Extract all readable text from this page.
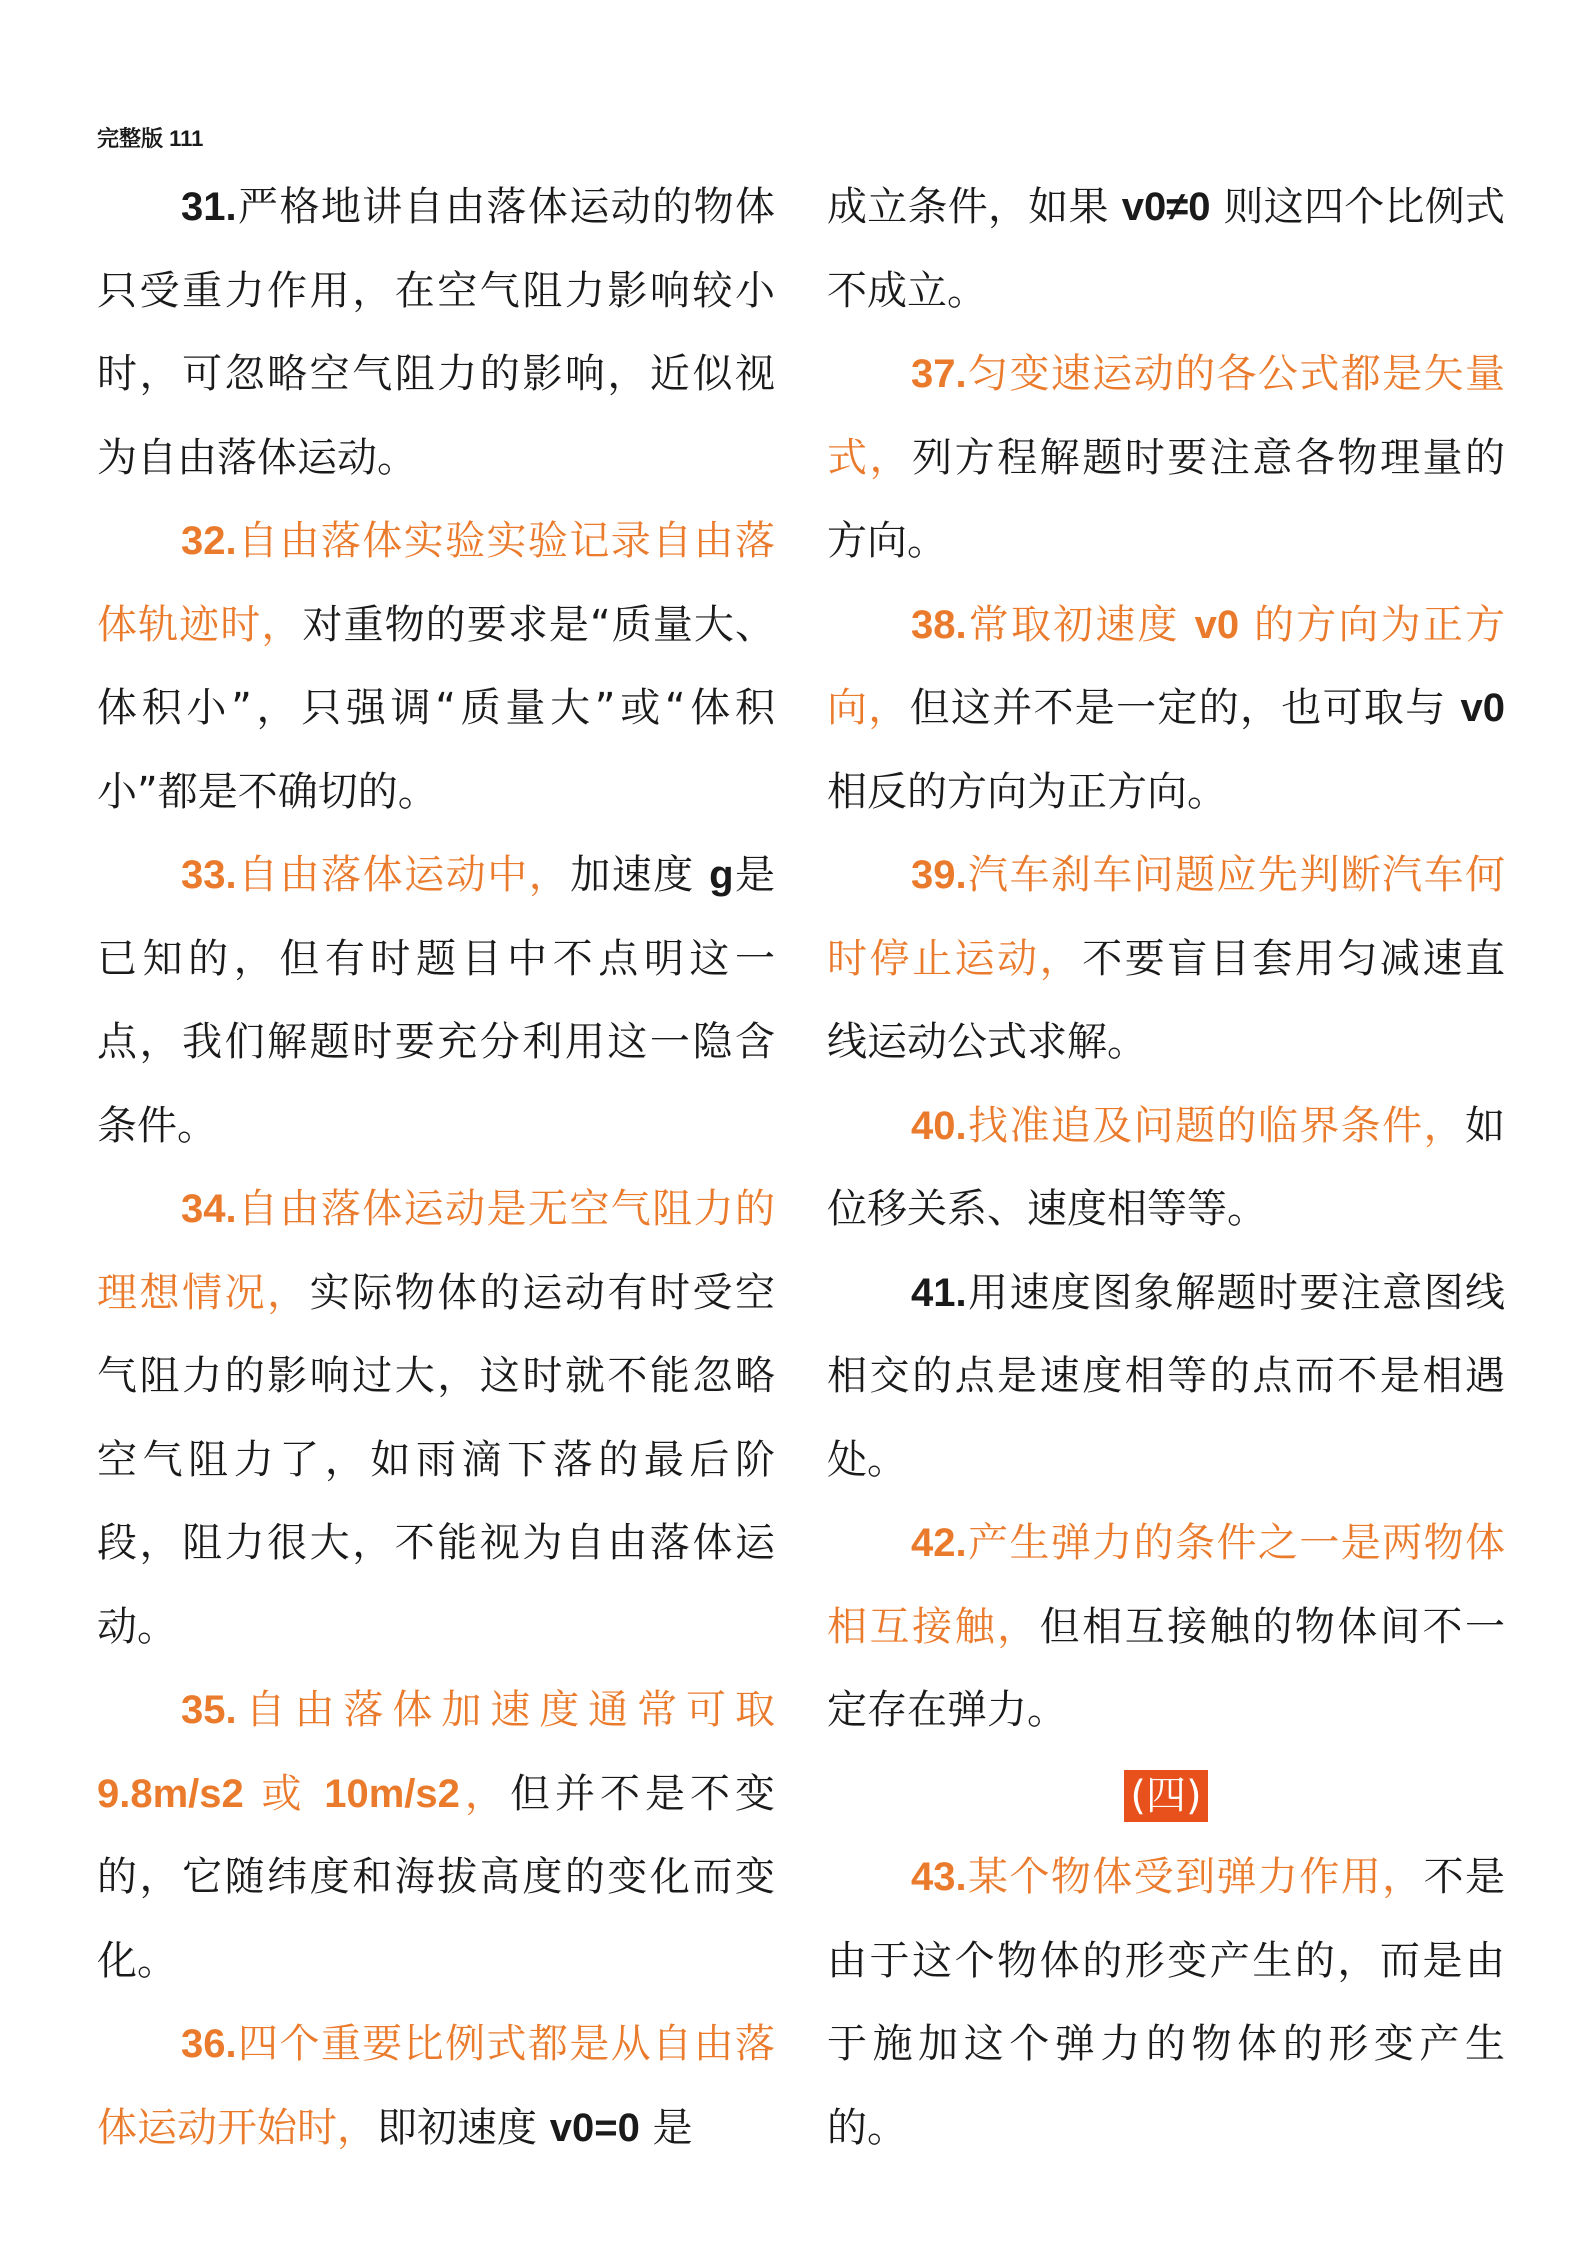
完整版 111

31.严格地讲自由落体运动的物体只受重力作用，在空气阻力影响较小时，可忽略空气阻力的影响，近似视为自由落体运动。

32.自由落体实验实验记录自由落体轨迹时，对重物的要求是“质量大、体积小”，只强调“质量大”或“体积小”都是不确切的。

33.自由落体运动中，加速度 g是已知的，但有时题目中不点明这一点，我们解题时要充分利用这一隐含条件。

34.自由落体运动是无空气阻力的理想情况，实际物体的运动有时受空气阻力的影响过大，这时就不能忽略空气阻力了，如雨滴下落的最后阶段，阻力很大，不能视为自由落体运动。

35.自由落体加速度通常可取9.8m/s2 或 10m/s2，但并不是不变的，它随纬度和海拔高度的变化而变化。

36.四个重要比例式都是从自由落体运动开始时，即初速度 v0=0 是

成立条件，如果 v0≠0 则这四个比例式不成立。

37.匀变速运动的各公式都是矢量式，列方程解题时要注意各物理量的方向。

38.常取初速度 v0 的方向为正方向，但这并不是一定的，也可取与 v0 相反的方向为正方向。

39.汽车刹车问题应先判断汽车何时停止运动，不要盲目套用匀减速直线运动公式求解。

40.找准追及问题的临界条件，如位移关系、速度相等等。

41.用速度图象解题时要注意图线相交的点是速度相等的点而不是相遇处。

42.产生弹力的条件之一是两物体相互接触，但相互接触的物体间不一定存在弹力。

(四)

43.某个物体受到弹力作用，不是由于这个物体的形变产生的，而是由于施加这个弹力的物体的形变产生的。
